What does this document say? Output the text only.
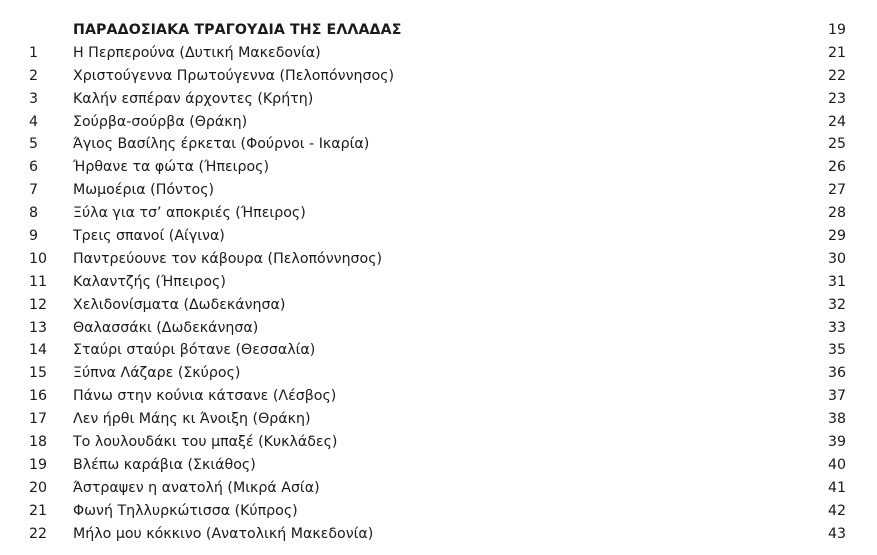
ΠΑΡΑΔΟΣΙΑΚΑ ΤΡΑΓΟΥΔΙΑ ΤΗΣ ΕΛΛΑΔΑΣ	19
1 Η Περπερούνα (Δυτική Μακεδονία)	21
2 Χριστούγεννα Πρωτούγεννα (Πελοπόννησος)	22
3 Καλήν εσπέραν άρχοντες (Κρήτη)	23
4 Σούρβα-σούρβα (Θράκη)	24
5 Άγιος Βασίλης έρκεται (Φούρνοι - Ικαρία)	25
6 Ήρθανε τα φώτα (Ήπειρος)	26
7 Μωμοέρια (Πόντος)	27
8 Ξύλα για τσ’ αποκριές (Ήπειρος)	28
9 Τρεις σπανοί (Αίγινα)	29
10 Παντρεύουνε τον κάβουρα (Πελοπόννησος)	30
11 Καλαντζής (Ήπειρος)	31
12 Χελιδονίσματα (Δωδεκάνησα)	32
13 Θαλασσάκι (Δωδεκάνησα)	33
14 Σταύρι σταύρι βότανε (Θεσσαλία)	35
15 Ξύπνα Λάζαρε (Σκύρος)	36
16 Πάνω στην κούνια κάτσανε (Λέσβος)	37
17 Λεν ήρθι Μάης κι Άνοιξη (Θράκη)	38
18 Το λουλουδάκι του μπαξέ (Κυκλάδες)	39
19 Βλέπω καράβια (Σκιάθος)	40
20 Άστραψεν η ανατολή (Μικρά Ασία)	41
21 Φωνή Τηλλυρκώτισσα (Κύπρος)	42
22 Μήλο μου κόκκινο (Ανατολική Μακεδονία)	43
